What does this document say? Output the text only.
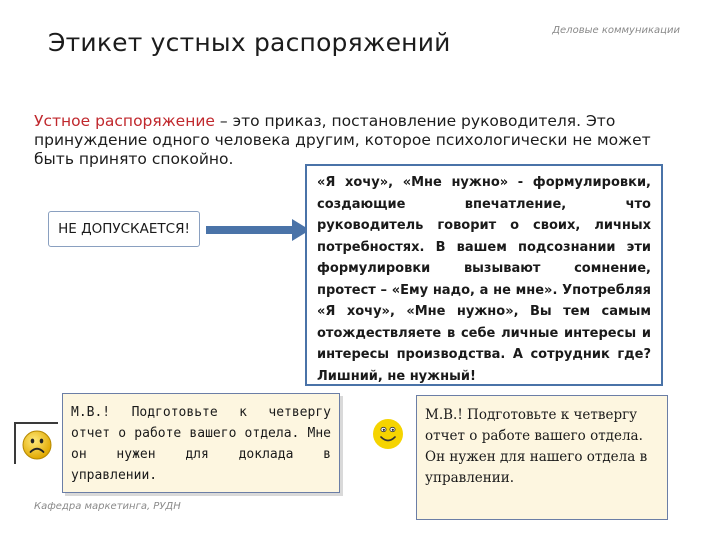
Этикет устных распоряжений	Деловые коммуникации
Устное распоряжение – это приказ, постановление руководителя. Это принуждение одного человека другим, которое психологически не может быть принято спокойно.
НЕ ДОПУСКАЕТСЯ!
«Я хочу», «Мне нужно» - формулировки, создающие впечатление, что руководитель говорит о своих, личных потребностях. В вашем подсознании эти формулировки вызывают сомнение, протест – «Ему надо, а не мне». Употребляя «Я хочу», «Мне нужно», Вы тем самым отождествляете в себе личные интересы и интересы производства. А сотрудник где? Лишний, не нужный!
М.В.! Подготовьте к четвергу отчет о работе вашего отдела. Мне он нужен для доклада в управлении.
М.В.! Подготовьте к четвергу отчет о работе вашего отдела. Он нужен для нашего отдела в управлении.
Кафедра маркетинга, РУДН
